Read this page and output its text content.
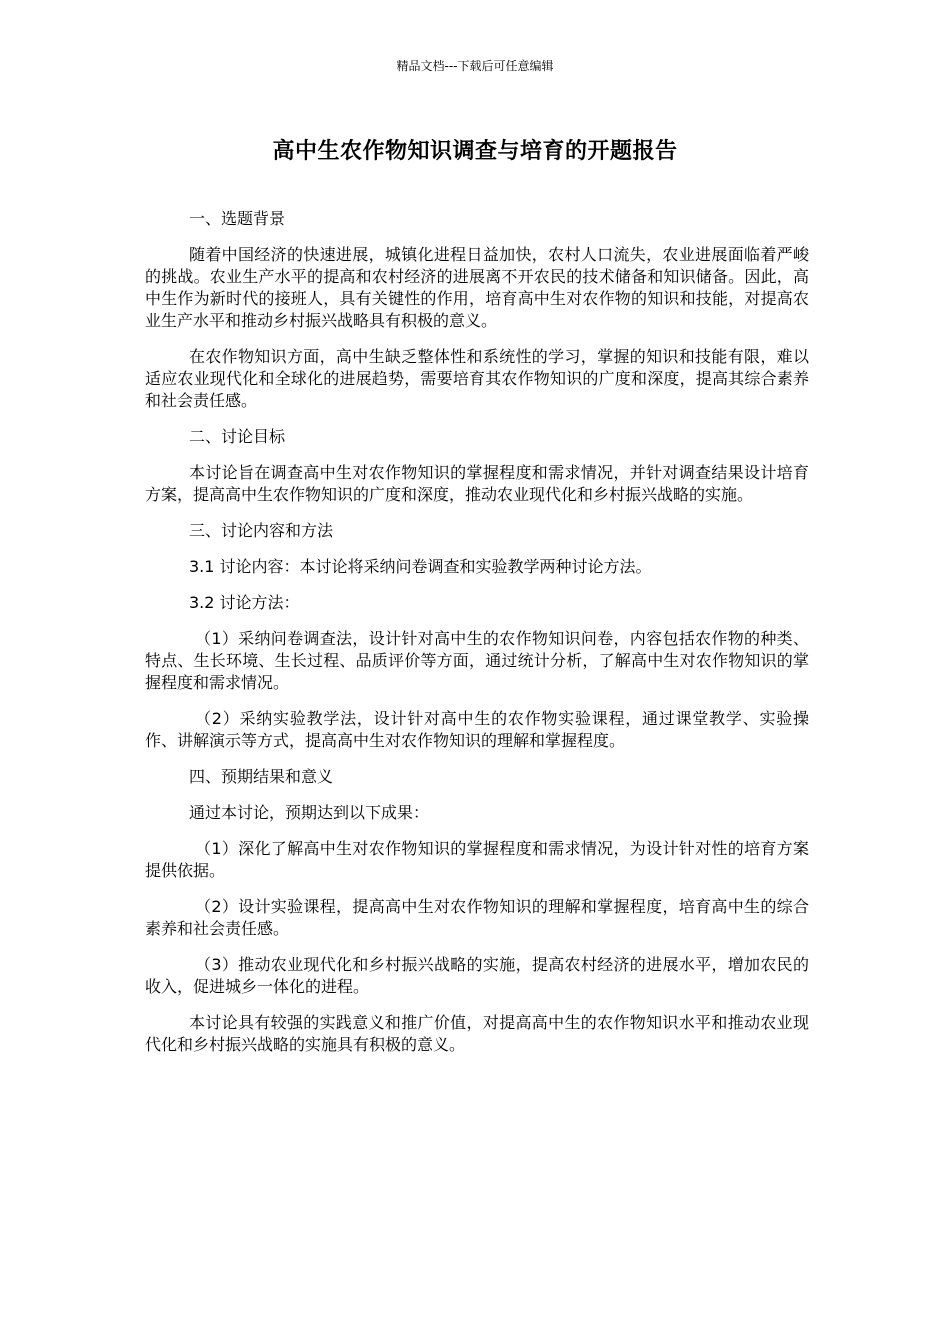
精品文档---下载后可任意编辑
高中生农作物知识调查与培育的开题报告

一、选题背景

随着中国经济的快速进展，城镇化进程日益加快，农村人口流失，农业进展面临着严峻的挑战。农业生产水平的提高和农村经济的进展离不开农民的技术储备和知识储备。因此，高中生作为新时代的接班人，具有关键性的作用，培育高中生对农作物的知识和技能，对提高农业生产水平和推动乡村振兴战略具有积极的意义。

在农作物知识方面，高中生缺乏整体性和系统性的学习，掌握的知识和技能有限，难以适应农业现代化和全球化的进展趋势，需要培育其农作物知识的广度和深度，提高其综合素养和社会责任感。

二、讨论目标

本讨论旨在调查高中生对农作物知识的掌握程度和需求情况，并针对调查结果设计培育方案，提高高中生农作物知识的广度和深度，推动农业现代化和乡村振兴战略的实施。

三、讨论内容和方法

3.1 讨论内容：本讨论将采纳问卷调查和实验教学两种讨论方法。

3.2 讨论方法：

（1）采纳问卷调查法，设计针对高中生的农作物知识问卷，内容包括农作物的种类、特点、生长环境、生长过程、品质评价等方面，通过统计分析，了解高中生对农作物知识的掌握程度和需求情况。

（2）采纳实验教学法，设计针对高中生的农作物实验课程，通过课堂教学、实验操作、讲解演示等方式，提高高中生对农作物知识的理解和掌握程度。

四、预期结果和意义

通过本讨论，预期达到以下成果：

（1）深化了解高中生对农作物知识的掌握程度和需求情况，为设计针对性的培育方案提供依据。

（2）设计实验课程，提高高中生对农作物知识的理解和掌握程度，培育高中生的综合素养和社会责任感。

（3）推动农业现代化和乡村振兴战略的实施，提高农村经济的进展水平，增加农民的收入，促进城乡一体化的进程。

本讨论具有较强的实践意义和推广价值，对提高高中生的农作物知识水平和推动农业现代化和乡村振兴战略的实施具有积极的意义。
